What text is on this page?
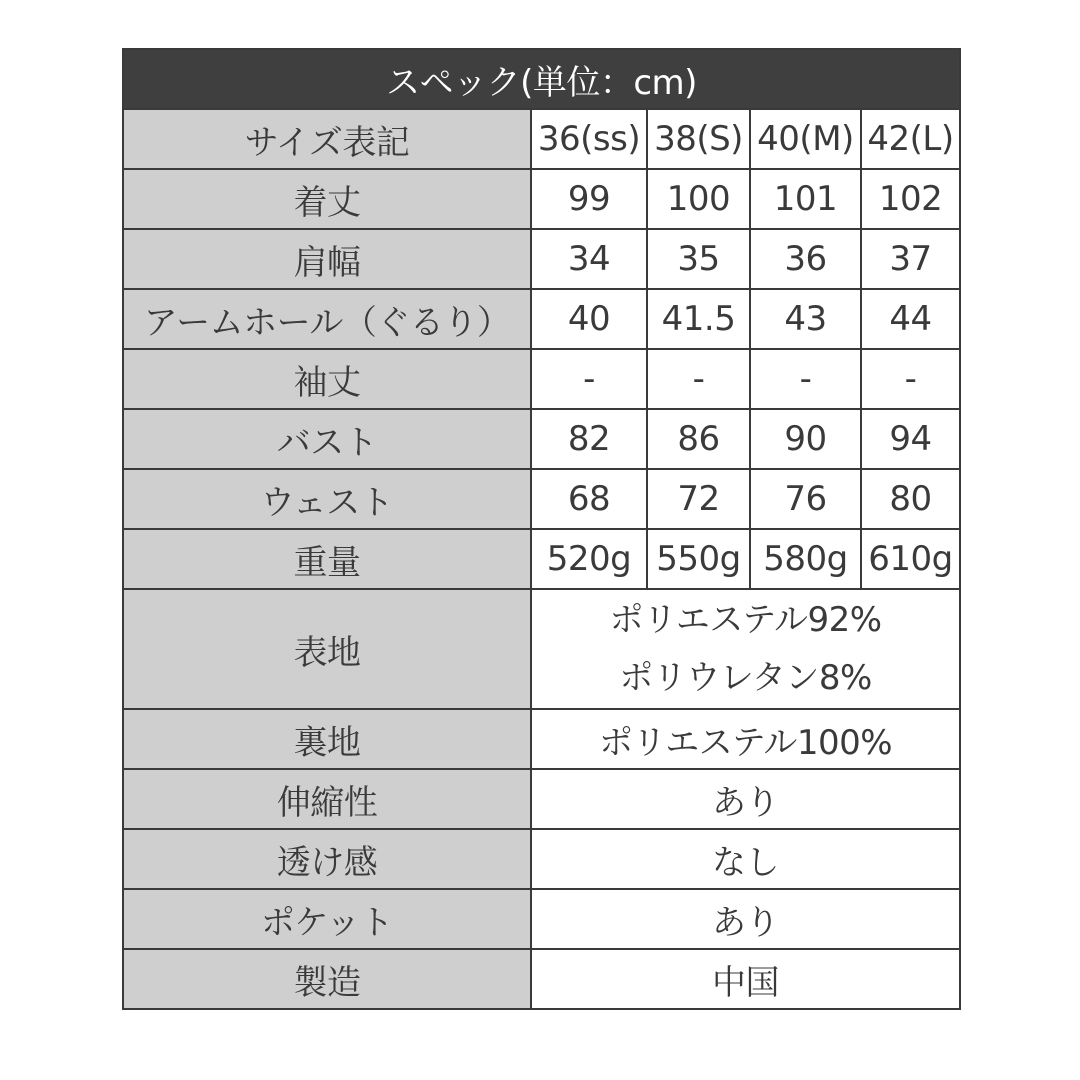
スペック(単位：cm)				
サイズ表記	36(ss)	38(S)	40(M)	42(L)
着丈	99	100	101	102
肩幅	34	35	36	37
アームホール（ぐるり）	40	41.5	43	44
袖丈	-	-	-	-
バスト	82	86	90	94
ウェスト	68	72	76	80
重量	520g	550g	580g	610g
表地	ポリエステル92%
ポリウレタン8%			

裏地	ポリエステル100%			
伸縮性	あり			
透け感	なし			
ポケット	あり			
製造	中国			
